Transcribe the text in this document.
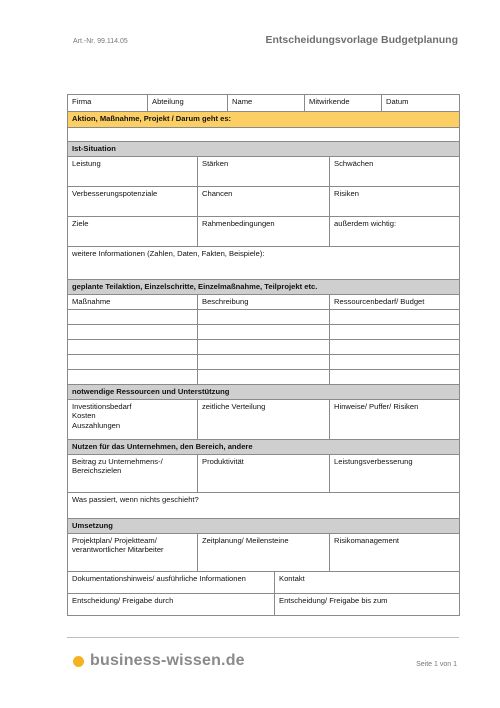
Art.-Nr. 99.114.05	Entscheidungsvorlage Budgetplanung
Firma	Abteilung		Name		Mitwirkende		Datum
Aktion, Maßnahme, Projekt / Darum geht es:							

Ist-Situation							
Leistung		Stärken				Schwächen	
Verbesserungspotenziale		Chancen				Risiken	
Ziele		Rahmenbedingungen				außerdem wichtig:	
weitere Informationen (Zahlen, Daten, Fakten, Beispiele):							
geplante Teilaktion, Einzelschritte, Einzelmaßnahme, Teilprojekt etc.							
Maßnahme		Beschreibung				Ressourcenbedarf/ Budget	

notwendige Ressourcen und Unterstützung							

Investitionsbedarf
Kosten
Auszahlungen		zeitliche Verteilung				Hinweise/ Puffer/ Risiken	
Nutzen für das Unternehmen, den Bereich, andere							

Beitrag zu Unternehmens-/
Bereichszielen		Produktivität				Leistungsverbesserung	
Was passiert, wenn nichts geschieht?							
Umsetzung							

Projektplan/ Projektteam/
verantwortlicher Mitarbeiter		Zeitplanung/ Meilensteine				Risikomanagement	
Dokumentationshinweis/ ausführliche Informationen				Kontakt			
Entscheidung/ Freigabe durch				Entscheidung/ Freigabe bis zum			
business-wissen.de	Seite 1 von 1
